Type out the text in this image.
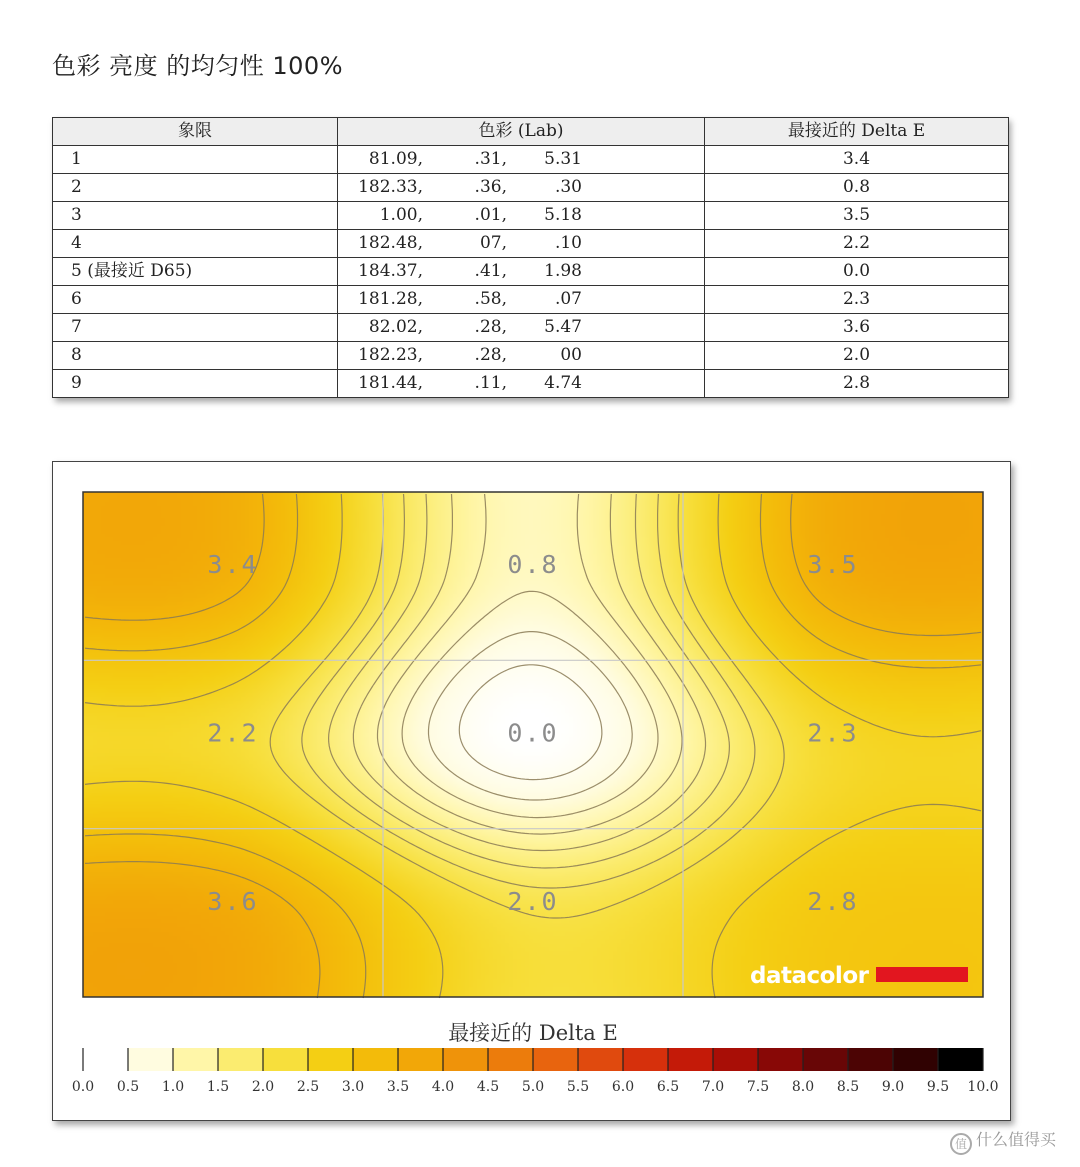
色彩 亮度 的均匀性 100%
象限	色彩 (Lab)	最接近的 Delta E
1	81.09, .31, 5.31	3.4
2	182.33, .36, .30	0.8
3	1.00, .01, 5.18	3.5
4	182.48, 07, .10	2.2
5 (最接近 D65)	184.37, .41, 1.98	0.0
6	181.28, .58, .07	2.3
7	82.02, .28, 5.47	3.6
8	182.23, .28, 00	2.0
9	181.44, .11, 4.74	2.8
3.4	0.8	3.5
2.2	0.0	2.3
3.6	2.0	2.8
datacolor
最接近的 Delta E
0.0 0.5 1.0 1.5 2.0 2.5 3.0 3.5 4.0 4.5 5.0 5.5 6.0 6.5 7.0 7.5 8.0 8.5 9.0 9.5 10.0
值 什么值得买
